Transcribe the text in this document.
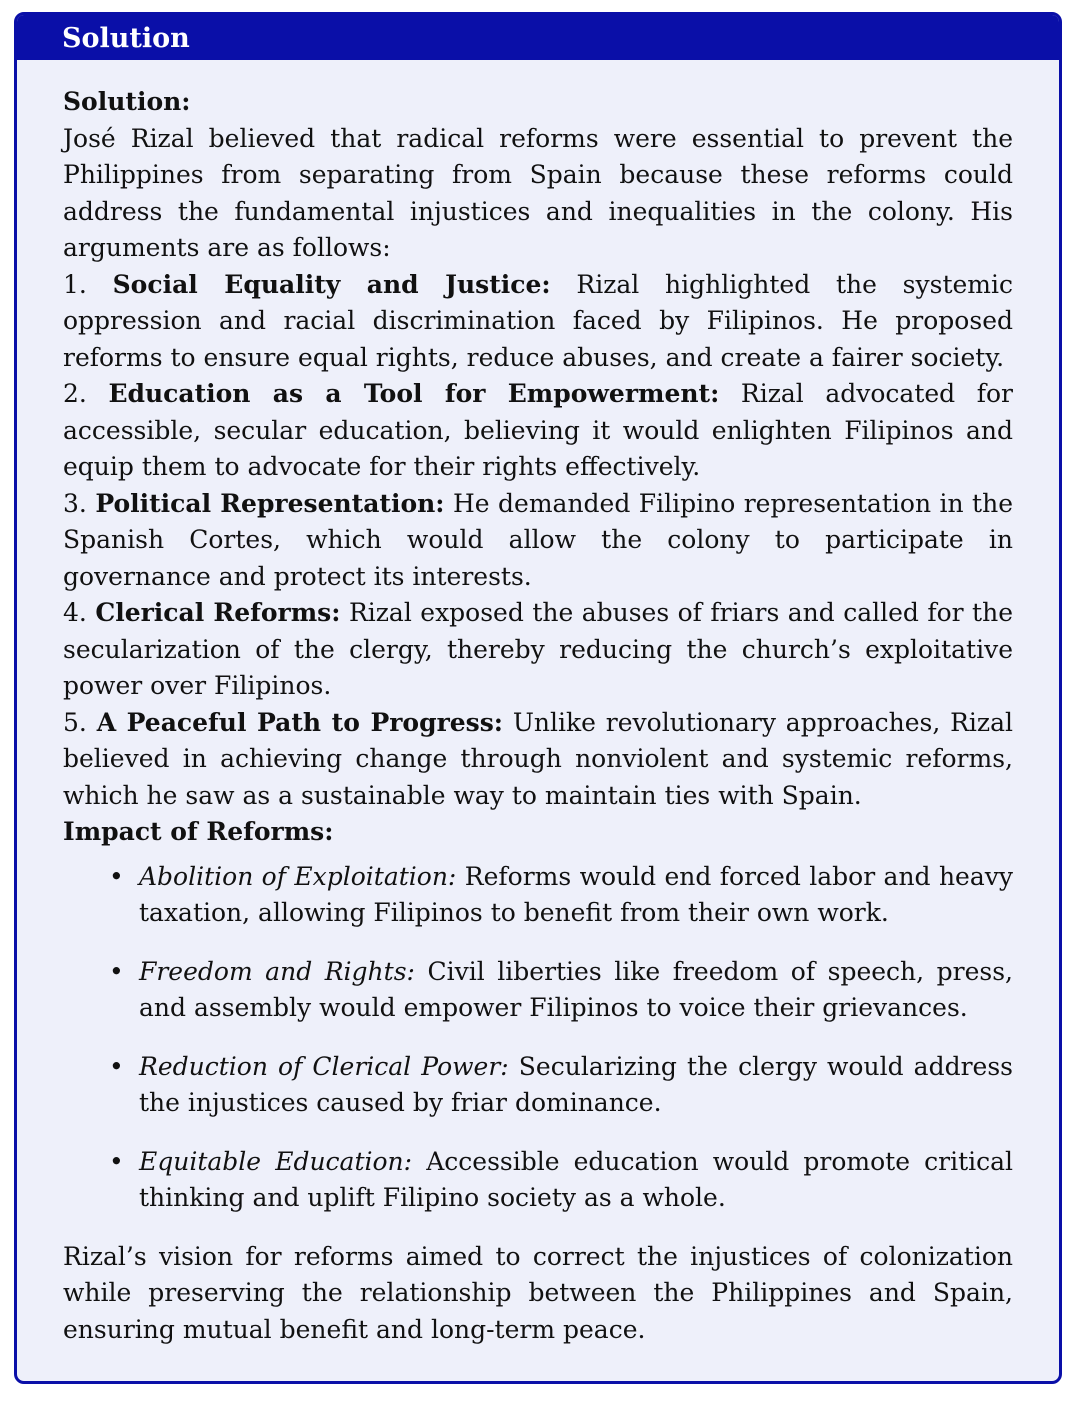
Solution

Solution:

José Rizal believed that radical reforms were essential to prevent the Philippines from separating from Spain because these reforms could address the fundamental injustices and inequalities in the colony. His arguments are as follows:

1. Social Equality and Justice: Rizal highlighted the systemic oppression and racial discrimination faced by Filipinos. He proposed reforms to ensure equal rights, reduce abuses, and create a fairer society.

2. Education as a Tool for Empowerment: Rizal advocated for accessible, secular education, believing it would enlighten Filipinos and equip them to advocate for their rights effectively.

3. Political Representation: He demanded Filipino representation in the Spanish Cortes, which would allow the colony to participate in governance and protect its interests.

4. Clerical Reforms: Rizal exposed the abuses of friars and called for the secularization of the clergy, thereby reducing the church’s exploitative power over Filipinos.

5. A Peaceful Path to Progress: Unlike revolutionary approaches, Rizal believed in achieving change through nonviolent and systemic reforms, which he saw as a sustainable way to maintain ties with Spain.

Impact of Reforms:

• Abolition of Exploitation: Reforms would end forced labor and heavy taxation, allowing Filipinos to benefit from their own work.
• Freedom and Rights: Civil liberties like freedom of speech, press, and assembly would empower Filipinos to voice their grievances.
• Reduction of Clerical Power: Secularizing the clergy would address the injustices caused by friar dominance.
• Equitable Education: Accessible education would promote critical thinking and uplift Filipino society as a whole.

Rizal’s vision for reforms aimed to correct the injustices of colonization while preserving the relationship between the Philippines and Spain, ensuring mutual benefit and long-term peace.
